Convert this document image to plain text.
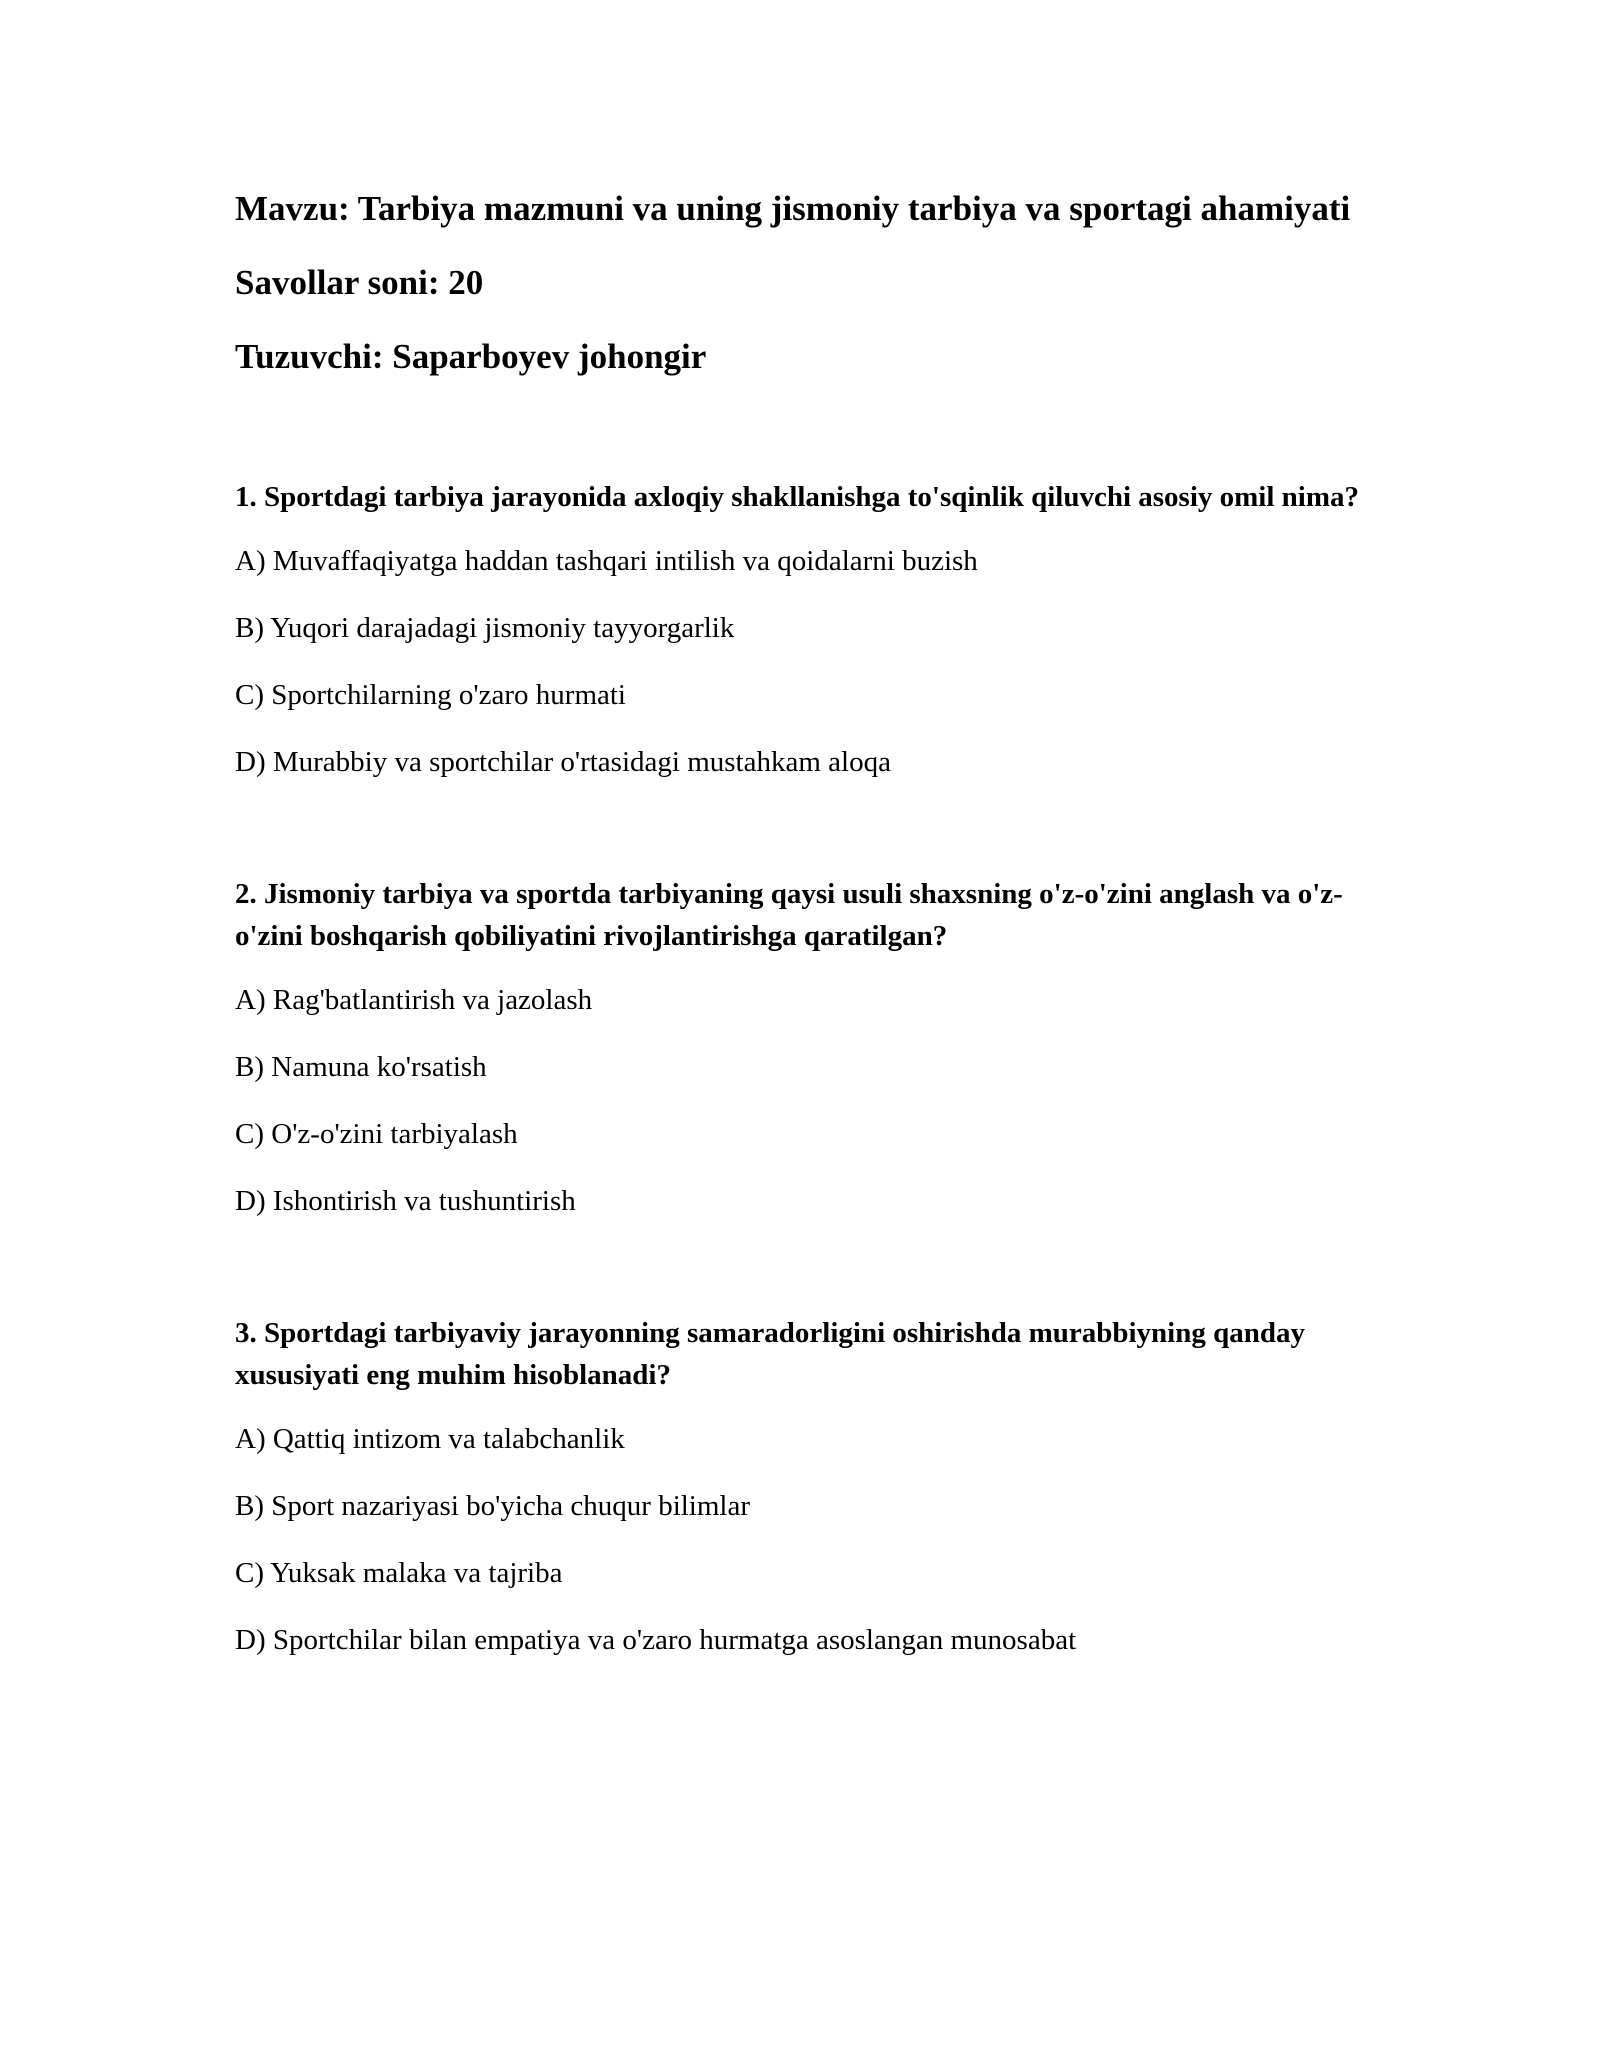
Mavzu: Tarbiya mazmuni va uning jismoniy tarbiya va sportagi ahamiyati
Savollar soni: 20
Tuzuvchi: Saparboyev johongir

1. Sportdagi tarbiya jarayonida axloqiy shakllanishga to'sqinlik qiluvchi asosiy omil nima?

A) Muvaffaqiyatga haddan tashqari intilish va qoidalarni buzish
B) Yuqori darajadagi jismoniy tayyorgarlik
C) Sportchilarning o'zaro hurmati
D) Murabbiy va sportchilar o'rtasidagi mustahkam aloqa

2. Jismoniy tarbiya va sportda tarbiyaning qaysi usuli shaxsning o'z-o'zini anglash va o'z-o'zini boshqarish qobiliyatini rivojlantirishga qaratilgan?

A) Rag'batlantirish va jazolash
B) Namuna ko'rsatish
C) O'z-o'zini tarbiyalash
D) Ishontirish va tushuntirish

3. Sportdagi tarbiyaviy jarayonning samaradorligini oshirishda murabbiyning qanday xususiyati eng muhim hisoblanadi?

A) Qattiq intizom va talabchanlik
B) Sport nazariyasi bo'yicha chuqur bilimlar
C) Yuksak malaka va tajriba
D) Sportchilar bilan empatiya va o'zaro hurmatga asoslangan munosabat
